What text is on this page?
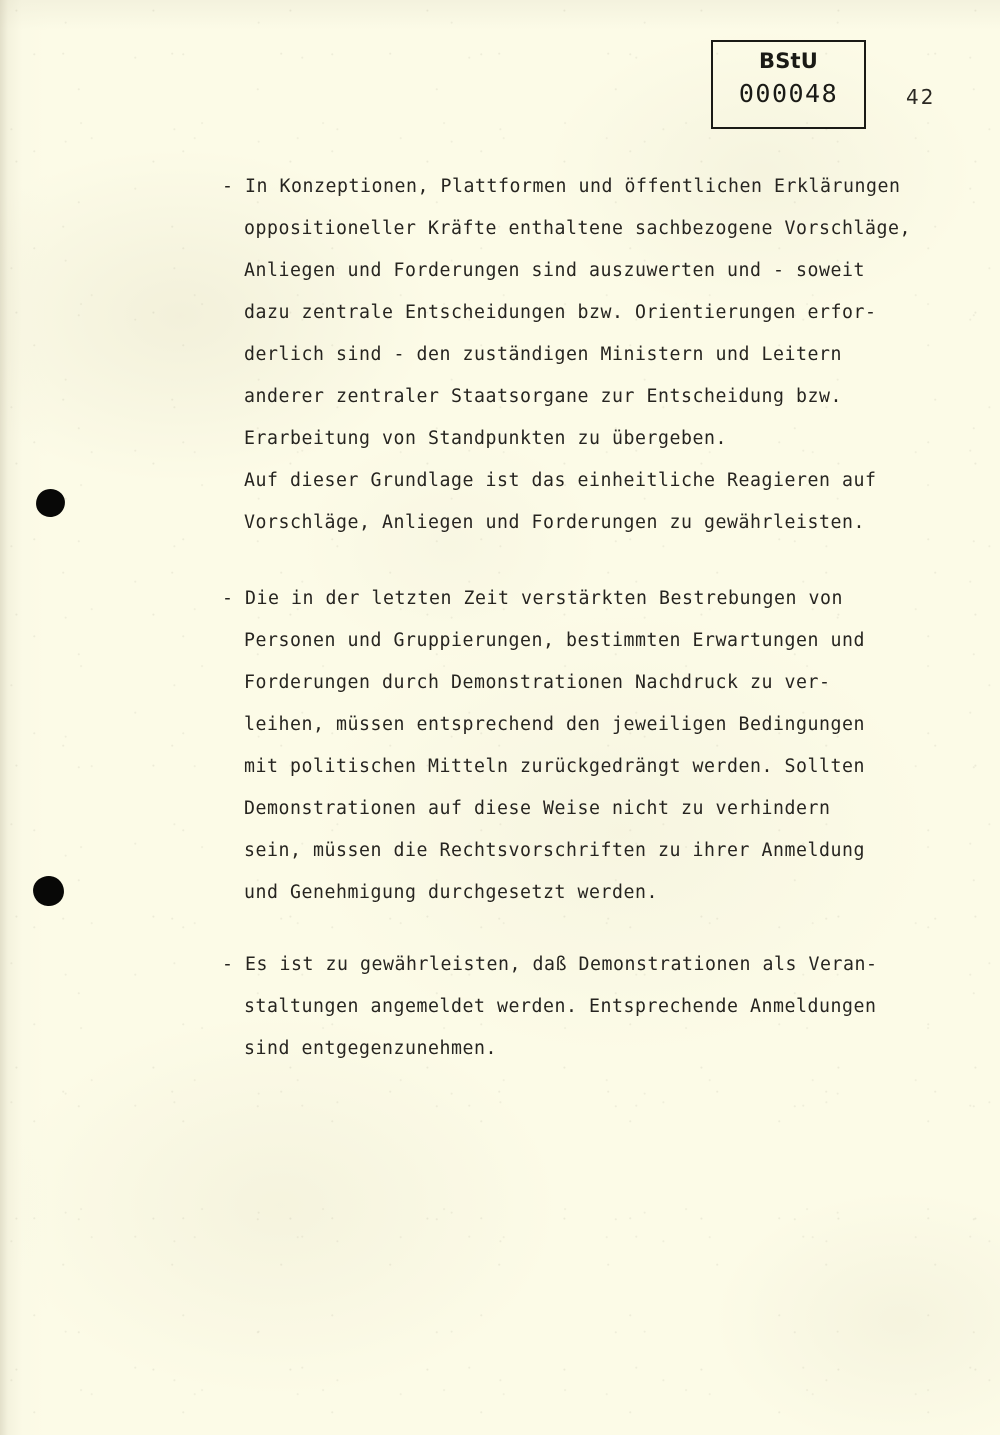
BStU
000048	42
- In Konzeptionen, Plattformen und öffentlichen Erklärungen
oppositioneller Kräfte enthaltene sachbezogene Vorschläge,
Anliegen und Forderungen sind auszuwerten und - soweit
dazu zentrale Entscheidungen bzw. Orientierungen erfor-
derlich sind - den zuständigen Ministern und Leitern
anderer zentraler Staatsorgane zur Entscheidung bzw.
Erarbeitung von Standpunkten zu übergeben.
Auf dieser Grundlage ist das einheitliche Reagieren auf
Vorschläge, Anliegen und Forderungen zu gewährleisten.
- Die in der letzten Zeit verstärkten Bestrebungen von
Personen und Gruppierungen, bestimmten Erwartungen und
Forderungen durch Demonstrationen Nachdruck zu ver-
leihen, müssen entsprechend den jeweiligen Bedingungen
mit politischen Mitteln zurückgedrängt werden. Sollten
Demonstrationen auf diese Weise nicht zu verhindern
sein, müssen die Rechtsvorschriften zu ihrer Anmeldung
und Genehmigung durchgesetzt werden.
- Es ist zu gewährleisten, daß Demonstrationen als Veran-
staltungen angemeldet werden. Entsprechende Anmeldungen
sind entgegenzunehmen.
